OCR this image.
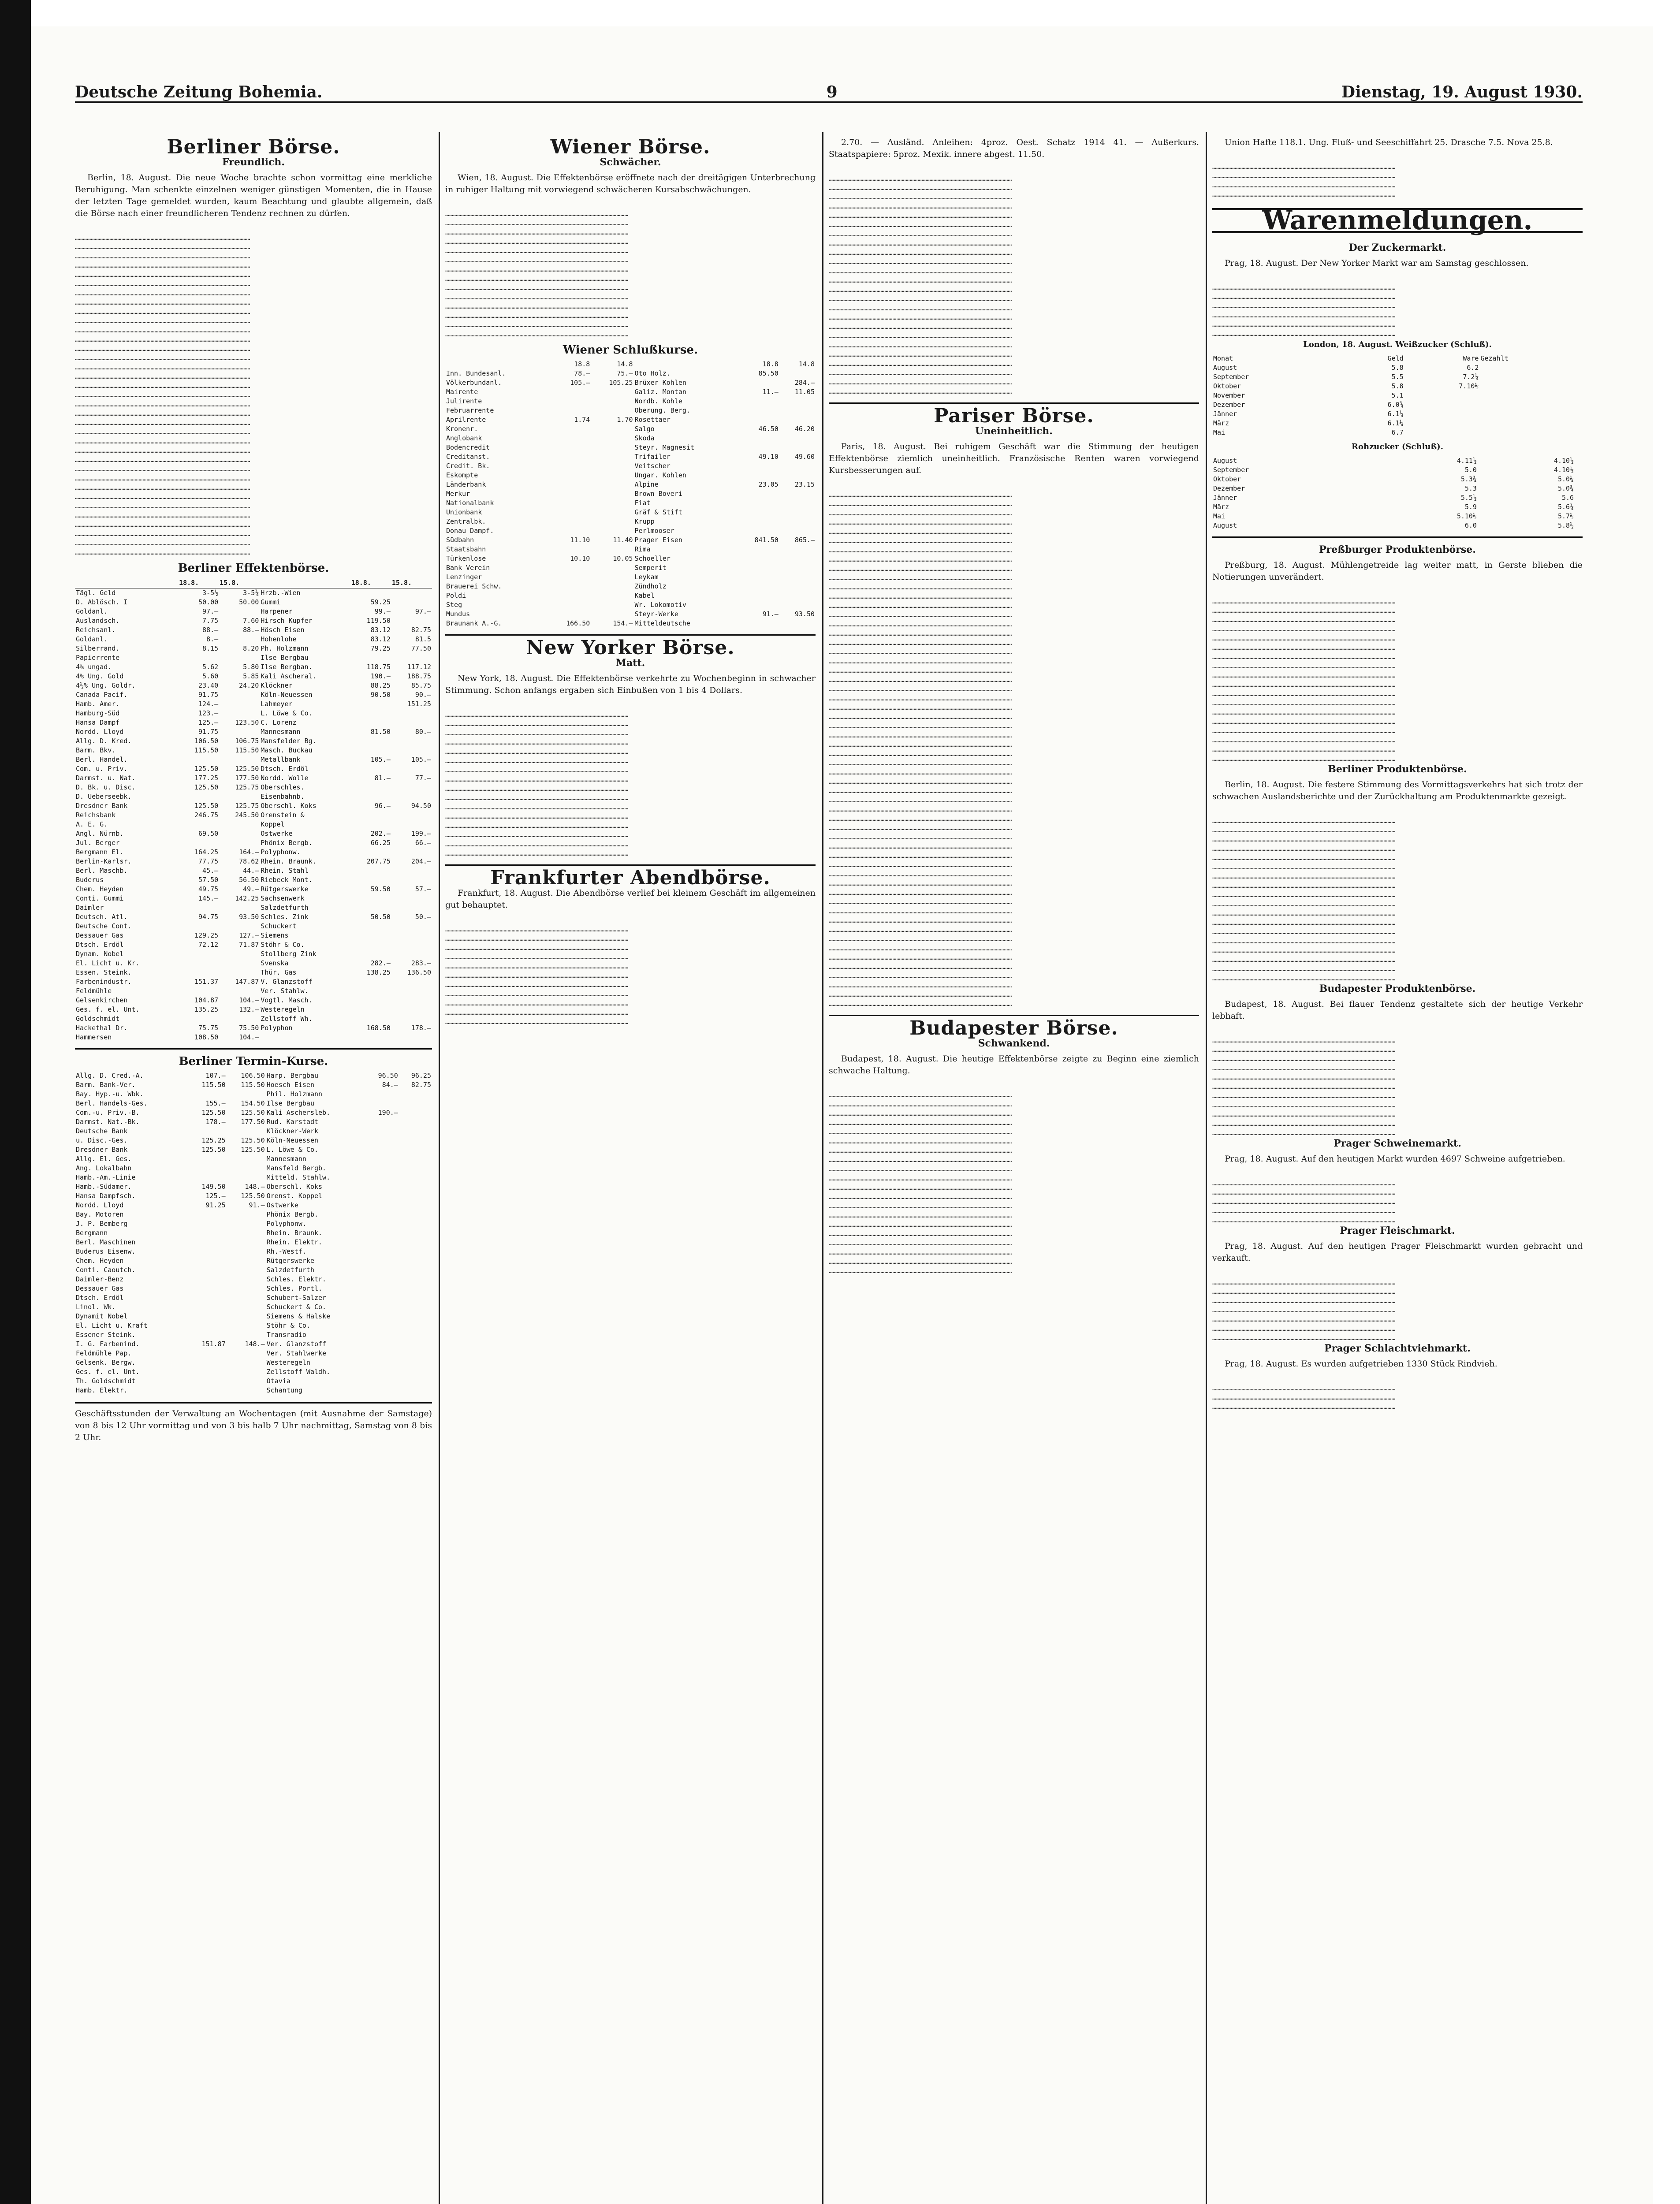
Deutsche Zeitung Bohemia.	9	Dienstag, 19. August 1930.
Berliner Börse.
Freundlich.

Berlin, 18. August. Die neue Woche brachte schon vormittag eine merkliche Beruhigung. Man schenkte einzelnen weniger günstigen Momenten, die in Hause der letzten Tage gemeldet wurden, kaum Beachtung und glaubte allgemein, daß die Börse nach einer freundlicheren Tendenz rechnen zu dürfen.

……………………………………………………………………………………………………………………
……………………………………………………………………………………………………………………
……………………………………………………………………………………………………………………
……………………………………………………………………………………………………………………
……………………………………………………………………………………………………………………
……………………………………………………………………………………………………………………
……………………………………………………………………………………………………………………
……………………………………………………………………………………………………………………
……………………………………………………………………………………………………………………
……………………………………………………………………………………………………………………
……………………………………………………………………………………………………………………
……………………………………………………………………………………………………………………
……………………………………………………………………………………………………………………
……………………………………………………………………………………………………………………
……………………………………………………………………………………………………………………
……………………………………………………………………………………………………………………
……………………………………………………………………………………………………………………
……………………………………………………………………………………………………………………
……………………………………………………………………………………………………………………
……………………………………………………………………………………………………………………
……………………………………………………………………………………………………………………
……………………………………………………………………………………………………………………
……………………………………………………………………………………………………………………
……………………………………………………………………………………………………………………
……………………………………………………………………………………………………………………
……………………………………………………………………………………………………………………
……………………………………………………………………………………………………………………
……………………………………………………………………………………………………………………
……………………………………………………………………………………………………………………
……………………………………………………………………………………………………………………
……………………………………………………………………………………………………………………
……………………………………………………………………………………………………………………
……………………………………………………………………………………………………………………
……………………………………………………………………………………………………………………
……………………………………………………………………………………………………………………
Berliner Effektenbörse.
	18.8.	15.8.		18.8.	15.8.
Tägl. Geld	3-5½	3-5¾	Hrzb.-Wien		
D. Ablösch. I	50.00	50.00	Gummi	59.25	
Goldanl.	97.—		Harpener	99.—	97.—
Auslandsch.	7.75	7.60	Hirsch Kupfer	119.50	
Reichsanl.	88.—	88.—	Hösch Eisen	83.12	82.75
Goldanl.	8.—		Hohenlohe	83.12	81.5
Silberrand.	8.15	8.20	Ph. Holzmann	79.25	77.50
Papierrente			Ilse Bergbau		
4% ungad.	5.62	5.80	Ilse Bergban.	118.75	117.12
4% Ung. Gold	5.60	5.85	Kali Ascheral.	190.—	188.75
4½% Ung. Goldr.	23.40	24.20	Klöckner	88.25	85.75
Canada Pacif.	91.75		Köln-Neuessen	90.50	90.—
Hamb. Amer.	124.—		Lahmeyer		151.25
Hamburg-Süd	123.—		L. Löwe & Co.		
Hansa Dampf	125.—	123.50	C. Lorenz		
Nordd. Lloyd	91.75		Mannesmann	81.50	80.—
Allg. D. Kred.	106.50	106.75	Mansfelder Bg.		
Barm. Bkv.	115.50	115.50	Masch. Buckau		
Berl. Handel.			Metallbank	105.—	105.—
Com. u. Priv.	125.50	125.50	Dtsch. Erdöl		
Darmst. u. Nat.	177.25	177.50	Nordd. Wolle	81.—	77.—
D. Bk. u. Disc.	125.50	125.75	Oberschles.		
D. Ueberseebk.			Eisenbahnb.		
Dresdner Bank	125.50	125.75	Oberschl. Koks	96.—	94.50
Reichsbank	246.75	245.50	Orenstein &		
A. E. G.			Koppel		
Angl. Nürnb.	69.50		Ostwerke	202.—	199.—
Jul. Berger			Phönix Bergb.	66.25	66.—
Bergmann El.	164.25	164.—	Polyphonw.		
Berlin-Karlsr.	77.75	78.62	Rhein. Braunk.	207.75	204.—
Berl. Maschb.	45.—	44.—	Rhein. Stahl		
Buderus	57.50	56.50	Riebeck Mont.		
Chem. Heyden	49.75	49.—	Rütgerswerke	59.50	57.—
Conti. Gummi	145.—	142.25	Sachsenwerk		
Daimler			Salzdetfurth		
Deutsch. Atl.	94.75	93.50	Schles. Zink	50.50	50.—
Deutsche Cont.			Schuckert		
Dessauer Gas	129.25	127.—	Siemens		
Dtsch. Erdöl	72.12	71.87	Stöhr & Co.		
Dynam. Nobel			Stollberg Zink		
El. Licht u. Kr.			Svenska	282.—	283.—
Essen. Steink.			Thür. Gas	138.25	136.50
Farbenindustr.	151.37	147.87	V. Glanzstoff		
Feldmühle			Ver. Stahlw.		
Gelsenkirchen	104.87	104.—	Vogtl. Masch.		
Ges. f. el. Unt.	135.25	132.—	Westeregeln		
Goldschmidt			Zellstoff Wh.		
Hackethal Dr.	75.75	75.50	Polyphon	168.50	178.—
Hammersen	108.50	104.—			
Berliner Termin-Kurse.
Allg. D. Cred.-A.	107.—	106.50	Harp. Bergbau	96.50	96.25
Barm. Bank-Ver.	115.50	115.50	Hoesch Eisen	84.—	82.75
Bay. Hyp.-u. Wbk.			Phil. Holzmann		
Berl. Handels-Ges.	155.—	154.50	Ilse Bergbau		
Com.-u. Priv.-B.	125.50	125.50	Kali Aschersleb.	190.—	
Darmst. Nat.-Bk.	178.—	177.50	Rud. Karstadt		
Deutsche Bank			Klöckner-Werk		
u. Disc.-Ges.	125.25	125.50	Köln-Neuessen		
Dresdner Bank	125.50	125.50	L. Löwe & Co.		
Allg. El. Ges.			Mannesmann		
Ang. Lokalbahn			Mansfeld Bergb.		
Hamb.-Am.-Linie			Mitteld. Stahlw.		
Hamb.-Südamer.	149.50	148.—	Oberschl. Koks		
Hansa Dampfsch.	125.—	125.50	Orenst. Koppel		
Nordd. Lloyd	91.25	91.—	Ostwerke		
Bay. Motoren			Phönix Bergb.		
J. P. Bemberg			Polyphonw.		
Bergmann			Rhein. Braunk.		
Berl. Maschinen			Rhein. Elektr.		
Buderus Eisenw.			Rh.-Westf.		
Chem. Heyden			Rütgerswerke		
Conti. Caoutch.			Salzdetfurth		
Daimler-Benz			Schles. Elektr.		
Dessauer Gas			Schles. Portl.		
Dtsch. Erdöl			Schubert-Salzer		
Linol. Wk.			Schuckert & Co.		
Dynamit Nobel			Siemens & Halske		
El. Licht u. Kraft			Stöhr & Co.		
Essener Steink.			Transradio		
I. G. Farbenind.	151.87	148.—	Ver. Glanzstoff		
Feldmühle Pap.			Ver. Stahlwerke		
Gelsenk. Bergw.			Westeregeln		
Ges. f. el. Unt.			Zellstoff Waldh.		
Th. Goldschmidt			Otavia		
Hamb. Elektr.			Schantung		
Geschäftsstunden der Verwaltung an Wochentagen (mit Ausnahme der Samstage) von 8 bis 12 Uhr vormittag und von 3 bis halb 7 Uhr nachmittag, Samstag von 8 bis 2 Uhr.
Wiener Börse.
Schwächer.

Wien, 18. August. Die Effektenbörse eröffnete nach der dreitägigen Unterbrechung in ruhiger Haltung mit vorwiegend schwächeren Kursabschwächungen.

…………………………………………………………………………………………………………………………
…………………………………………………………………………………………………………………………
…………………………………………………………………………………………………………………………
…………………………………………………………………………………………………………………………
…………………………………………………………………………………………………………………………
…………………………………………………………………………………………………………………………
…………………………………………………………………………………………………………………………
…………………………………………………………………………………………………………………………
…………………………………………………………………………………………………………………………
…………………………………………………………………………………………………………………………
…………………………………………………………………………………………………………………………
…………………………………………………………………………………………………………………………
…………………………………………………………………………………………………………………………
…………………………………………………………………………………………………………………………
Wiener Schlußkurse.
	18.8	14.8		18.8	14.8
Inn. Bundesanl.	78.—	75.—	Oto Holz.	85.50	
Völkerbundanl.	105.—	105.25	Brüxer Kohlen		284.—
Mairente			Galiz. Montan	11.—	11.05
Julirente			Nordb. Kohle		
Februarrente			Oberung. Berg.		
Aprilrente	1.74	1.70	Rosettaer		
Kronenr.			Salgo	46.50	46.20
Anglobank			Skoda		
Bodencredit			Steyr. Magnesit		
Creditanst.			Trifailer	49.10	49.60
Credit. Bk.			Veitscher		
Eskompte			Ungar. Kohlen		
Länderbank			Alpine	23.05	23.15
Merkur			Brown Boveri		
Nationalbank			Fiat		
Unionbank			Gräf & Stift		
Zentralbk.			Krupp		
Donau Dampf.			Perlmooser		
Südbahn	11.10	11.40	Prager Eisen	841.50	865.—
Staatsbahn			Rima		
Türkenlose	10.10	10.05	Schoeller		
Bank Verein			Semperit		
Lenzinger			Leykam		
Brauerei Schw.			Zündholz		
Poldi			Kabel		
Steg			Wr. Lokomotiv		
Mundus			Steyr-Werke	91.—	93.50
Braunank A.-G.	166.50	154.—	Mitteldeutsche		
New Yorker Börse.
Matt.

New York, 18. August. Die Effektenbörse verkehrte zu Wochenbeginn in schwacher Stimmung. Schon anfangs ergaben sich Einbußen von 1 bis 4 Dollars.

…………………………………………………………………………………………………………………………
…………………………………………………………………………………………………………………………
…………………………………………………………………………………………………………………………
…………………………………………………………………………………………………………………………
…………………………………………………………………………………………………………………………
…………………………………………………………………………………………………………………………
…………………………………………………………………………………………………………………………
…………………………………………………………………………………………………………………………
…………………………………………………………………………………………………………………………
…………………………………………………………………………………………………………………………
…………………………………………………………………………………………………………………………
…………………………………………………………………………………………………………………………
…………………………………………………………………………………………………………………………
…………………………………………………………………………………………………………………………
…………………………………………………………………………………………………………………………
…………………………………………………………………………………………………………………………
Frankfurter Abendbörse.

Frankfurt, 18. August. Die Abendbörse verlief bei kleinem Geschäft im allgemeinen gut behauptet.

…………………………………………………………………………………………………………………………
…………………………………………………………………………………………………………………………
…………………………………………………………………………………………………………………………
…………………………………………………………………………………………………………………………
…………………………………………………………………………………………………………………………
…………………………………………………………………………………………………………………………
…………………………………………………………………………………………………………………………
…………………………………………………………………………………………………………………………
…………………………………………………………………………………………………………………………
…………………………………………………………………………………………………………………………
…………………………………………………………………………………………………………………………

2.70. — Ausländ. Anleihen: 4proz. Oest. Schatz 1914 41. — Außerkurs. Staatspapiere: 5proz. Mexik. innere abgest. 11.50.

…………………………………………………………………………………………………………………………
…………………………………………………………………………………………………………………………
…………………………………………………………………………………………………………………………
…………………………………………………………………………………………………………………………
…………………………………………………………………………………………………………………………
…………………………………………………………………………………………………………………………
…………………………………………………………………………………………………………………………
…………………………………………………………………………………………………………………………
…………………………………………………………………………………………………………………………
…………………………………………………………………………………………………………………………
…………………………………………………………………………………………………………………………
…………………………………………………………………………………………………………………………
…………………………………………………………………………………………………………………………
…………………………………………………………………………………………………………………………
…………………………………………………………………………………………………………………………
…………………………………………………………………………………………………………………………
…………………………………………………………………………………………………………………………
…………………………………………………………………………………………………………………………
…………………………………………………………………………………………………………………………
…………………………………………………………………………………………………………………………
…………………………………………………………………………………………………………………………
…………………………………………………………………………………………………………………………
…………………………………………………………………………………………………………………………
…………………………………………………………………………………………………………………………
Pariser Börse.
Uneinheitlich.

Paris, 18. August. Bei ruhigem Geschäft war die Stimmung der heutigen Effektenbörse ziemlich uneinheitlich. Französische Renten waren vorwiegend Kursbesserungen auf.

…………………………………………………………………………………………………………………………
…………………………………………………………………………………………………………………………
…………………………………………………………………………………………………………………………
…………………………………………………………………………………………………………………………
…………………………………………………………………………………………………………………………
…………………………………………………………………………………………………………………………
…………………………………………………………………………………………………………………………
…………………………………………………………………………………………………………………………
…………………………………………………………………………………………………………………………
…………………………………………………………………………………………………………………………
…………………………………………………………………………………………………………………………
…………………………………………………………………………………………………………………………
…………………………………………………………………………………………………………………………
…………………………………………………………………………………………………………………………
…………………………………………………………………………………………………………………………
…………………………………………………………………………………………………………………………
…………………………………………………………………………………………………………………………
…………………………………………………………………………………………………………………………
…………………………………………………………………………………………………………………………
…………………………………………………………………………………………………………………………
…………………………………………………………………………………………………………………………
…………………………………………………………………………………………………………………………
…………………………………………………………………………………………………………………………
…………………………………………………………………………………………………………………………
…………………………………………………………………………………………………………………………
…………………………………………………………………………………………………………………………
…………………………………………………………………………………………………………………………
…………………………………………………………………………………………………………………………
…………………………………………………………………………………………………………………………
…………………………………………………………………………………………………………………………
…………………………………………………………………………………………………………………………
…………………………………………………………………………………………………………………………
…………………………………………………………………………………………………………………………
…………………………………………………………………………………………………………………………
…………………………………………………………………………………………………………………………
…………………………………………………………………………………………………………………………
…………………………………………………………………………………………………………………………
…………………………………………………………………………………………………………………………
…………………………………………………………………………………………………………………………
…………………………………………………………………………………………………………………………
…………………………………………………………………………………………………………………………
…………………………………………………………………………………………………………………………
…………………………………………………………………………………………………………………………
…………………………………………………………………………………………………………………………
…………………………………………………………………………………………………………………………
…………………………………………………………………………………………………………………………
…………………………………………………………………………………………………………………………
…………………………………………………………………………………………………………………………
…………………………………………………………………………………………………………………………
…………………………………………………………………………………………………………………………
…………………………………………………………………………………………………………………………
…………………………………………………………………………………………………………………………
…………………………………………………………………………………………………………………………
…………………………………………………………………………………………………………………………
…………………………………………………………………………………………………………………………
…………………………………………………………………………………………………………………………
Budapester Börse.
Schwankend.

Budapest, 18. August. Die heutige Effektenbörse zeigte zu Beginn eine ziemlich schwache Haltung.

…………………………………………………………………………………………………………………………
…………………………………………………………………………………………………………………………
…………………………………………………………………………………………………………………………
…………………………………………………………………………………………………………………………
…………………………………………………………………………………………………………………………
…………………………………………………………………………………………………………………………
…………………………………………………………………………………………………………………………
…………………………………………………………………………………………………………………………
…………………………………………………………………………………………………………………………
…………………………………………………………………………………………………………………………
…………………………………………………………………………………………………………………………
…………………………………………………………………………………………………………………………
…………………………………………………………………………………………………………………………
…………………………………………………………………………………………………………………………
…………………………………………………………………………………………………………………………
…………………………………………………………………………………………………………………………
…………………………………………………………………………………………………………………………
…………………………………………………………………………………………………………………………
…………………………………………………………………………………………………………………………
…………………………………………………………………………………………………………………………

Union Hafte 118.1. Ung. Fluß- und Seeschiffahrt 25. Drasche 7.5. Nova 25.8.

…………………………………………………………………………………………………………………………
…………………………………………………………………………………………………………………………
…………………………………………………………………………………………………………………………
…………………………………………………………………………………………………………………………
Warenmeldungen.
Der Zuckermarkt.

Prag, 18. August. Der New Yorker Markt war am Samstag geschlossen.

…………………………………………………………………………………………………………………………
…………………………………………………………………………………………………………………………
…………………………………………………………………………………………………………………………
…………………………………………………………………………………………………………………………
…………………………………………………………………………………………………………………………
…………………………………………………………………………………………………………………………
London, 18. August. Weißzucker (Schluß).
Monat	Geld	Ware	Gezahlt
August	5.8	6.2	
September	5.5	7.2¼	
Oktober	5.8	7.10½	
November	5.1		
Dezember	6.0¾		
Jänner	6.1¼		
März	6.1¼		
Mai	6.7		
Rohzucker (Schluß).
August	4.11½	4.10½	
September	5.0	4.10½	
Oktober	5.3¾	5.0¼	
Dezember	5.3	5.0¾	
Jänner	5.5½	5.6	
März	5.9	5.6¾	
Mai	5.10½	5.7½	
August	6.0	5.8½	
Preßburger Produktenbörse.

Preßburg, 18. August. Mühlengetreide lag weiter matt, in Gerste blieben die Notierungen unverändert.

…………………………………………………………………………………………………………………………
…………………………………………………………………………………………………………………………
…………………………………………………………………………………………………………………………
…………………………………………………………………………………………………………………………
…………………………………………………………………………………………………………………………
…………………………………………………………………………………………………………………………
…………………………………………………………………………………………………………………………
…………………………………………………………………………………………………………………………
…………………………………………………………………………………………………………………………
…………………………………………………………………………………………………………………………
…………………………………………………………………………………………………………………………
…………………………………………………………………………………………………………………………
…………………………………………………………………………………………………………………………
…………………………………………………………………………………………………………………………
…………………………………………………………………………………………………………………………
…………………………………………………………………………………………………………………………
…………………………………………………………………………………………………………………………
…………………………………………………………………………………………………………………………
Berliner Produktenbörse.

Berlin, 18. August. Die festere Stimmung des Vormittagsverkehrs hat sich trotz der schwachen Auslandsberichte und der Zurückhaltung am Produktenmarkte gezeigt.

…………………………………………………………………………………………………………………………
…………………………………………………………………………………………………………………………
…………………………………………………………………………………………………………………………
…………………………………………………………………………………………………………………………
…………………………………………………………………………………………………………………………
…………………………………………………………………………………………………………………………
…………………………………………………………………………………………………………………………
…………………………………………………………………………………………………………………………
…………………………………………………………………………………………………………………………
…………………………………………………………………………………………………………………………
…………………………………………………………………………………………………………………………
…………………………………………………………………………………………………………………………
…………………………………………………………………………………………………………………………
…………………………………………………………………………………………………………………………
…………………………………………………………………………………………………………………………
…………………………………………………………………………………………………………………………
…………………………………………………………………………………………………………………………
…………………………………………………………………………………………………………………………
Budapester Produktenbörse.

Budapest, 18. August. Bei flauer Tendenz gestaltete sich der heutige Verkehr lebhaft.

…………………………………………………………………………………………………………………………
…………………………………………………………………………………………………………………………
…………………………………………………………………………………………………………………………
…………………………………………………………………………………………………………………………
…………………………………………………………………………………………………………………………
…………………………………………………………………………………………………………………………
…………………………………………………………………………………………………………………………
…………………………………………………………………………………………………………………………
…………………………………………………………………………………………………………………………
…………………………………………………………………………………………………………………………
…………………………………………………………………………………………………………………………
Prager Schweinemarkt.

Prag, 18. August. Auf den heutigen Markt wurden 4697 Schweine aufgetrieben.

…………………………………………………………………………………………………………………………
…………………………………………………………………………………………………………………………
…………………………………………………………………………………………………………………………
…………………………………………………………………………………………………………………………
…………………………………………………………………………………………………………………………
Prager Fleischmarkt.

Prag, 18. August. Auf den heutigen Prager Fleischmarkt wurden gebracht und verkauft.

…………………………………………………………………………………………………………………………
…………………………………………………………………………………………………………………………
…………………………………………………………………………………………………………………………
…………………………………………………………………………………………………………………………
…………………………………………………………………………………………………………………………
…………………………………………………………………………………………………………………………
…………………………………………………………………………………………………………………………
Prager Schlachtviehmarkt.

Prag, 18. August. Es wurden aufgetrieben 1330 Stück Rindvieh.

…………………………………………………………………………………………………………………………
…………………………………………………………………………………………………………………………
…………………………………………………………………………………………………………………………
